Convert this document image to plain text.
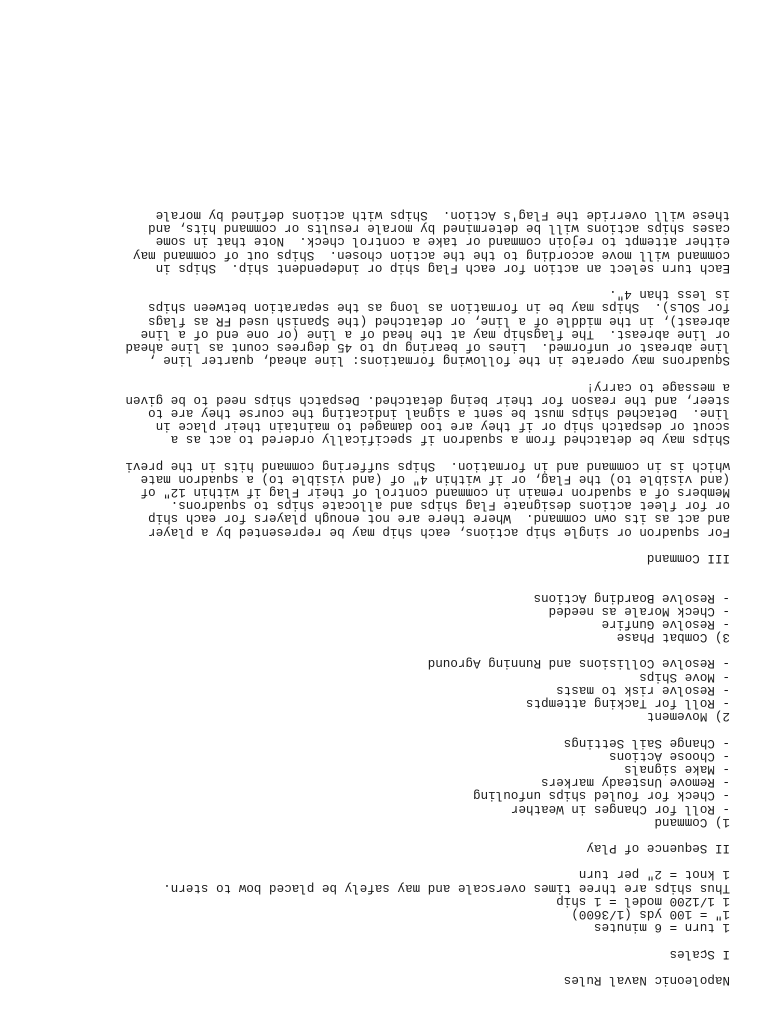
Napoleonic Naval Rules
I Scales
1 turn = 6 minutes
1" = 100 yds (1/3600)
1 1/1200 model = 1 ship
Thus ships are three times overscale and may safely be placed bow to stern.
1 knot = 2" per turn
II Sequence of Play
1) Command
- Roll for Changes in Weather
- Check for fouled ships unfouling
- Remove Unsteady markers
- Make signals
- Choose Actions
- Change Sail Settings
2) Movement
- Roll for Tacking attempts
- Resolve risk to masts
- Move Ships
- Resolve Collisions and Running Aground
3) Combat Phase
- Resolve Gunfire
- Check Morale as needed
- Resolve Boarding Actions
III Command
For squadron or single ship actions, each ship may be represented by a player
and act as its own command.  Where there are not enough players for each ship
or for fleet actions designate Flag ships and allocate ships to squadrons.
Members of a squadron remain in command control of their Flag if within 12" of
(and visible to) the Flag, or if within 4" of (and visible to) a squadron mate
which is in command and in formation.  Ships suffering command hits in the previ
Ships may be detatched from a squadron if specifically ordered to act as a
scout or despatch ship or if they are too damaged to maintain their place in
line.  Detached ships must be sent a signal indicating the course they are to
steer, and the reason for their being detatched. Despatch ships need to be given
a message to carry!
Squadrons may operate in the following formations: line ahead, quarter line ,
line abreast or unformed.  Lines of bearing up to 45 degrees count as line ahead
or line abreast.  The flagship may at the head of a line (or one end of a line
abreast), in the middle of a line, or detatched (the Spanish used FR as flags
for SOLs).  Ships may be in formation as long as the separation between ships
is less than 4".
Each turn select an action for each Flag ship or independent ship.  Ships in
command will move according to the the action chosen.  Ships out of command may
either attempt to rejoin command or take a control check.  Note that in some
cases ships actions will be determined by morale results or command hits, and
these will override the Flag's Action.  Ships with actions defined by morale
